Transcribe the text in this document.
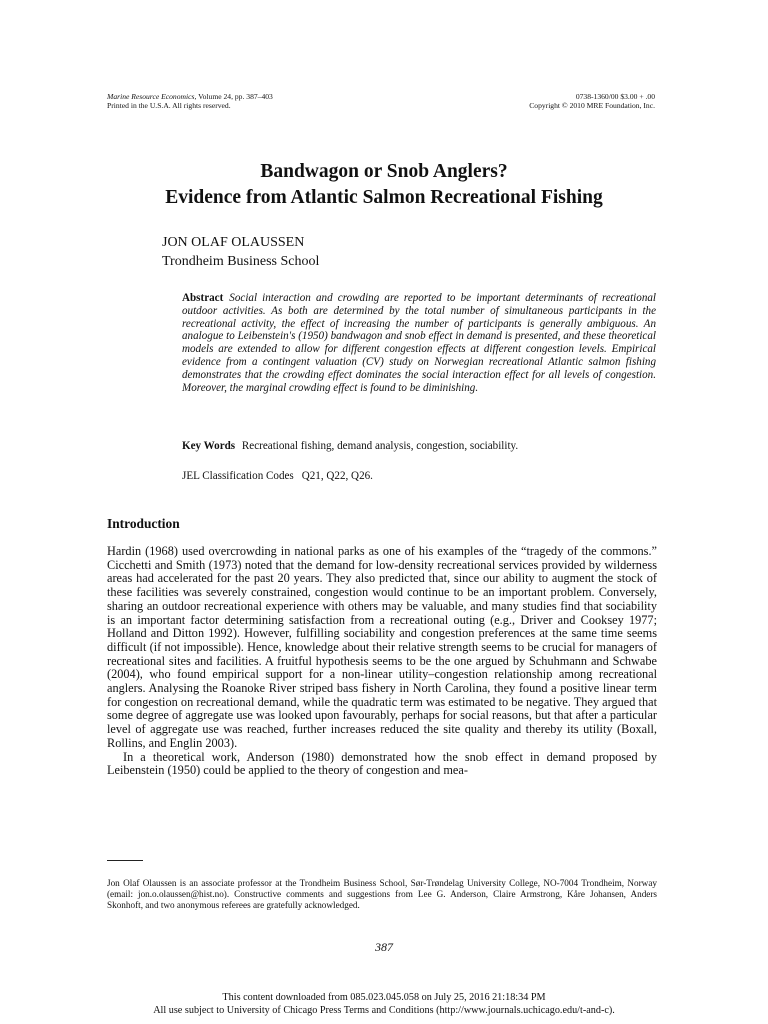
Marine Resource Economics, Volume 24, pp. 387–403
Printed in the U.S.A. All rights reserved.
0738-1360/00 $3.00 + .00
Copyright © 2010 MRE Foundation, Inc.
Bandwagon or Snob Anglers?
Evidence from Atlantic Salmon Recreational Fishing
JON OLAF OLAUSSEN
Trondheim Business School
Abstract Social interaction and crowding are reported to be important determinants of recreational outdoor activities. As both are determined by the total number of simultaneous participants in the recreational activity, the effect of increasing the number of participants is generally ambiguous. An analogue to Leibenstein's (1950) bandwagon and snob effect in demand is presented, and these theoretical models are extended to allow for different congestion effects at different congestion levels. Empirical evidence from a contingent valuation (CV) study on Norwegian recreational Atlantic salmon fishing demonstrates that the crowding effect dominates the social interaction effect for all levels of congestion. Moreover, the marginal crowding effect is found to be diminishing.
Key Words Recreational fishing, demand analysis, congestion, sociability.
JEL Classification Codes Q21, Q22, Q26.
Introduction

Hardin (1968) used overcrowding in national parks as one of his examples of the “tragedy of the commons.” Cicchetti and Smith (1973) noted that the demand for low-density recreational services provided by wilderness areas had accelerated for the past 20 years. They also predicted that, since our ability to augment the stock of these facilities was severely constrained, congestion would continue to be an important problem. Conversely, sharing an outdoor recreational experience with others may be valuable, and many studies find that sociability is an important factor determining satisfaction from a recreational outing (e.g., Driver and Cooksey 1977; Holland and Ditton 1992). However, fulfilling sociability and congestion preferences at the same time seems difficult (if not impossible). Hence, knowledge about their relative strength seems to be crucial for managers of recreational sites and facilities. A fruitful hypothesis seems to be the one argued by Schuhmann and Schwabe (2004), who found empirical support for a non-linear utility–congestion relationship among recreational anglers. Analysing the Roanoke River striped bass fishery in North Carolina, they found a positive linear term for congestion on recreational demand, while the quadratic term was estimated to be negative. They argued that some degree of aggregate use was looked upon favourably, perhaps for social reasons, but that after a particular level of aggregate use was reached, further increases reduced the site quality and thereby its utility (Boxall, Rollins, and Englin 2003).

In a theoretical work, Anderson (1980) demonstrated how the snob effect in demand proposed by Leibenstein (1950) could be applied to the theory of congestion and mea-

Jon Olaf Olaussen is an associate professor at the Trondheim Business School, Sør-Trøndelag University College, NO-7004 Trondheim, Norway (email: jon.o.olaussen@hist.no). Constructive comments and suggestions from Lee G. Anderson, Claire Armstrong, Kåre Johansen, Anders Skonhoft, and two anonymous referees are gratefully acknowledged.
387
This content downloaded from 085.023.045.058 on July 25, 2016 21:18:34 PM
All use subject to University of Chicago Press Terms and Conditions (http://www.journals.uchicago.edu/t-and-c).
